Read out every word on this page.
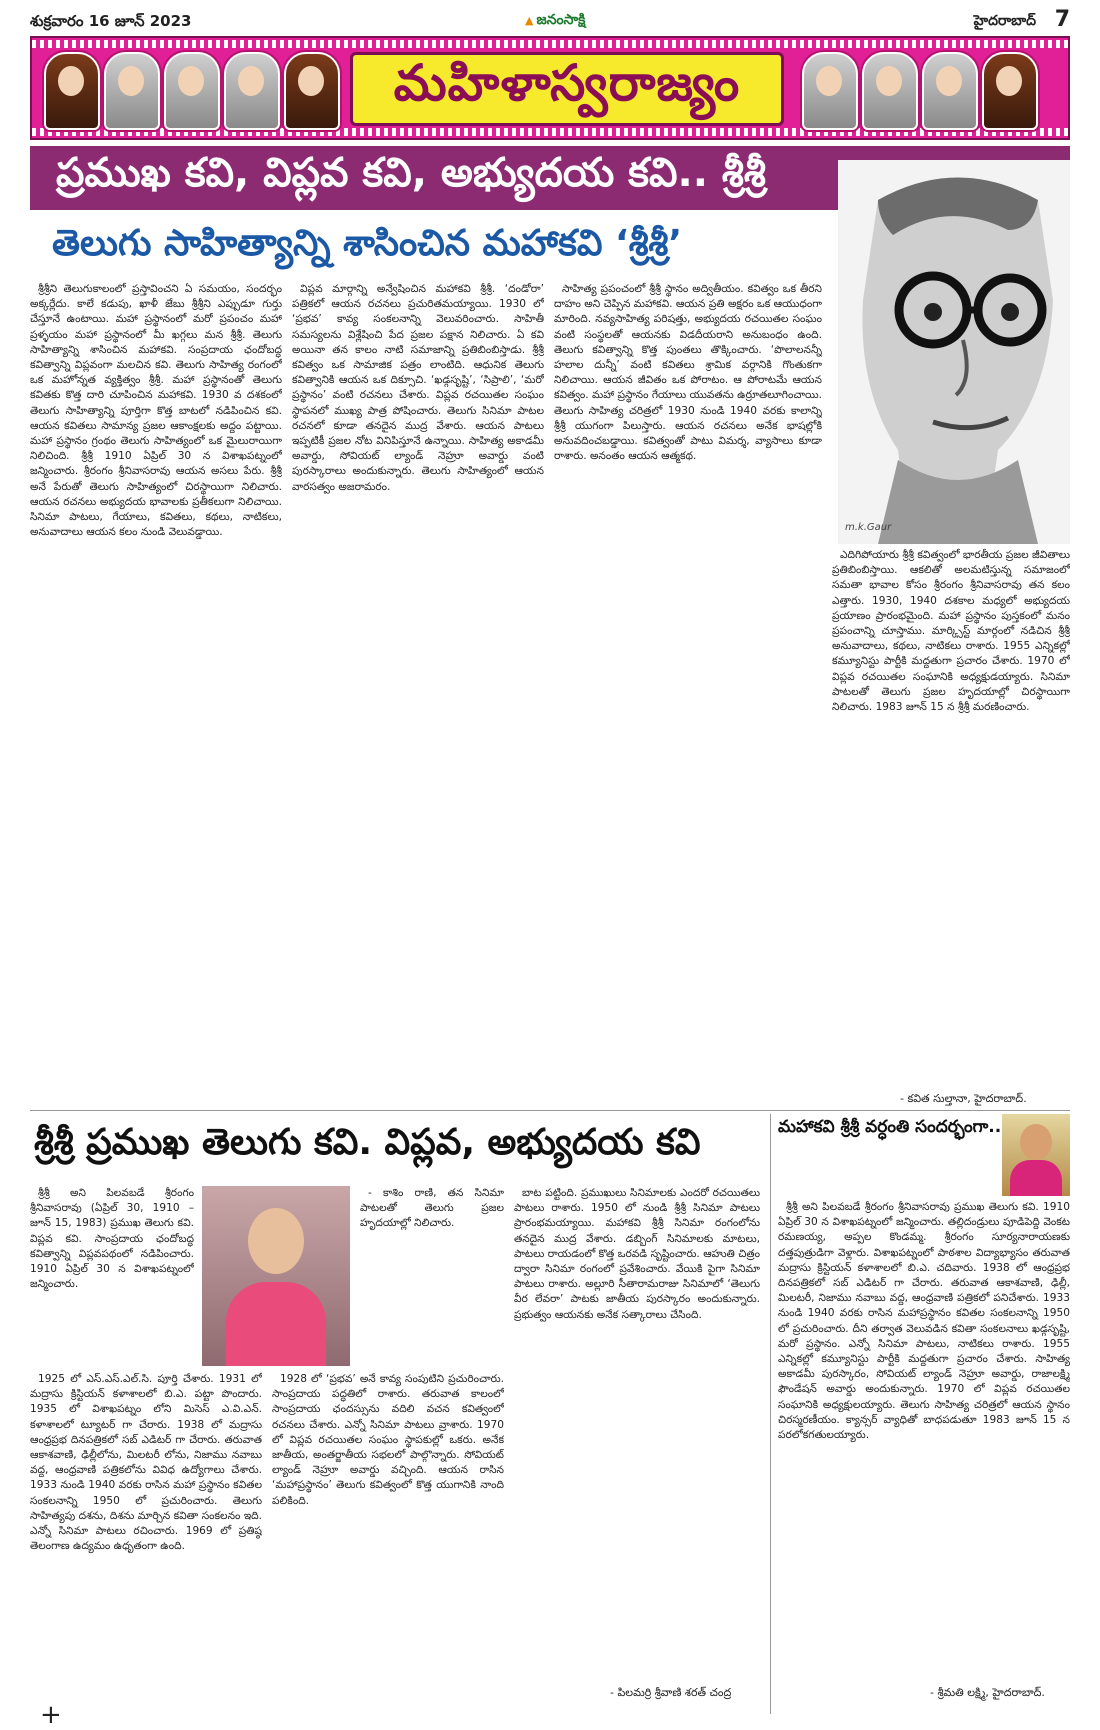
శుక్రవారం 16 జూన్ 2023
▲	జనంసాక్షి	హైదరాబాద్ 7
మహిళాస్వరాజ్యం
ప్రముఖ కవి, విప్లవ కవి, అభ్యుదయ కవి.. శ్రీశ్రీ
తెలుగు సాహిత్యాన్ని శాసించిన మహాకవి ‘శ్రీశ్రీ’
m.k.Gaur

శ్రీశ్రీని తెలుగుకాలంలో ప్రస్తావించని ఏ సమయం, సందర్భం అక్కర్లేదు. కాలే కడుపు, ఖాళీ జేబు శ్రీశ్రీని ఎప్పుడూ గుర్తు చేస్తూనే ఉంటాయి. మహా ప్రస్థానంలో మరో ప్రపంచం మహా ప్రళ్ళయం మహా ప్రస్థానంలో మీ ఖగ్గలు మన శ్రీశ్రీ. తెలుగు సాహిత్యాన్ని శాసించిన మహాకవి. సంప్రదాయ ఛందోబద్ధ కవిత్వాన్ని విప్లవంగా మలచిన కవి. తెలుగు సాహిత్య రంగంలో ఒక మహోన్నత వ్యక్తిత్వం శ్రీశ్రీ. మహా ప్రస్థానంతో తెలుగు కవితకు కొత్త దారి చూపించిన మహాకవి. 1930 వ దశకంలో తెలుగు సాహిత్యాన్ని పూర్తిగా కొత్త బాటలో నడిపించిన కవి. ఆయన కవితలు సామాన్య ప్రజల ఆకాంక్షలకు అద్దం పట్టాయి. మహా ప్రస్థానం గ్రంథం తెలుగు సాహిత్యంలో ఒక మైలురాయిగా నిలిచింది. శ్రీశ్రీ 1910 ఏప్రిల్ 30 న విశాఖపట్నంలో జన్మించారు. శ్రీరంగం శ్రీనివాసరావు ఆయన అసలు పేరు. శ్రీశ్రీ అనే పేరుతో తెలుగు సాహిత్యంలో చిరస్థాయిగా నిలిచారు. ఆయన రచనలు అభ్యుదయ భావాలకు ప్రతీకలుగా నిలిచాయి. సినిమా పాటలు, గేయాలు, కవితలు, కథలు, నాటికలు, అనువాదాలు ఆయన కలం నుండి వెలువడ్డాయి.

విప్లవ మార్గాన్ని అన్వేషించిన మహాకవి శ్రీశ్రీ. ‘దండోరా’ పత్రికలో ఆయన రచనలు ప్రచురితమయ్యాయి. 1930 లో ‘ప్రభవ’ కావ్య సంకలనాన్ని వెలువరించారు. సాహితీ సమస్యలను విశ్లేషించి పేద ప్రజల పక్షాన నిలిచారు. ఏ కవి అయినా తన కాలం నాటి సమాజాన్ని ప్రతిబింబిస్తాడు. శ్రీశ్రీ కవిత్వం ఒక సామాజిక పత్రం లాంటిది. ఆధునిక తెలుగు కవిత్వానికి ఆయన ఒక దిక్సూచి. ‘ఖడ్గసృష్టి’, ‘సిప్రాలి’, ‘మరో ప్రస్థానం’ వంటి రచనలు చేశారు. విప్లవ రచయితల సంఘం స్థాపనలో ముఖ్య పాత్ర పోషించారు. తెలుగు సినిమా పాటల రచనలో కూడా తనదైన ముద్ర వేశారు. ఆయన పాటలు ఇప్పటికీ ప్రజల నోట వినిపిస్తూనే ఉన్నాయి. సాహిత్య అకాడమీ అవార్డు, సోవియట్ ల్యాండ్ నెహ్రూ అవార్డు వంటి పురస్కారాలు అందుకున్నారు. తెలుగు సాహిత్యంలో ఆయన వారసత్వం అజరామరం.

సాహిత్య ప్రపంచంలో శ్రీశ్రీ స్థానం అద్వితీయం. కవిత్వం ఒక తీరని దాహం అని చెప్పిన మహాకవి. ఆయన ప్రతి అక్షరం ఒక ఆయుధంగా మారింది. నవ్యసాహిత్య పరిషత్తు, అభ్యుదయ రచయితల సంఘం వంటి సంస్థలతో ఆయనకు విడదీయరాని అనుబంధం ఉంది. తెలుగు కవిత్వాన్ని కొత్త పుంతలు తొక్కించారు. ‘పొలాలనన్నీ హలాల దున్నీ’ వంటి కవితలు శ్రామిక వర్గానికి గొంతుకగా నిలిచాయి. ఆయన జీవితం ఒక పోరాటం. ఆ పోరాటమే ఆయన కవిత్వం. మహా ప్రస్థానం గేయాలు యువతను ఉర్రూతలూగించాయి. తెలుగు సాహిత్య చరిత్రలో 1930 నుండి 1940 వరకు కాలాన్ని శ్రీశ్రీ యుగంగా పిలుస్తారు. ఆయన రచనలు అనేక భాషల్లోకి అనువదించబడ్డాయి. కవిత్వంతో పాటు విమర్శ, వ్యాసాలు కూడా రాశారు. అనంతం ఆయన ఆత్మకథ.

ఎదిగిపోయారు శ్రీశ్రీ కవిత్వంలో భారతీయ ప్రజల జీవితాలు ప్రతిబింబిస్తాయి. ఆకలితో అలమటిస్తున్న సమాజంలో సమతా భావాల కోసం శ్రీరంగం శ్రీనివాసరావు తన కలం ఎత్తారు. 1930, 1940 దశకాల మధ్యలో అభ్యుదయ ప్రయాణం ప్రారంభమైంది. మహా ప్రస్థానం పుస్తకంలో మనం ప్రపంచాన్ని చూస్తాము. మార్క్సిస్ట్ మార్గంలో నడిచిన శ్రీశ్రీ అనువాదాలు, కథలు, నాటికలు రాశారు. 1955 ఎన్నికల్లో కమ్యూనిస్టు పార్టీకి మద్దతుగా ప్రచారం చేశారు. 1970 లో విప్లవ రచయితల సంఘానికి అధ్యక్షుడయ్యారు. సినిమా పాటలతో తెలుగు ప్రజల హృదయాల్లో చిరస్థాయిగా నిలిచారు. 1983 జూన్ 15 న శ్రీశ్రీ మరణించారు.

- కవిత సుల్తానా, హైదరాబాద్.
శ్రీశ్రీ ప్రముఖ తెలుగు కవి. విప్లవ, అభ్యుదయ కవి

శ్రీశ్రీ అని పిలవబడే శ్రీరంగం శ్రీనివాసరావు (ఏప్రిల్ 30, 1910 – జూన్ 15, 1983) ప్రముఖ తెలుగు కవి. విప్లవ కవి. సాంప్రదాయ ఛందోబద్ధ కవిత్వాన్ని విప్లవపథంలో నడిపించారు. 1910 ఏప్రిల్ 30 న విశాఖపట్నంలో జన్మించారు.

1925 లో ఎస్.ఎస్.ఎల్.సి. పూర్తి చేశారు. 1931 లో మద్రాసు క్రిస్టియన్ కళాశాలలో బి.ఎ. పట్టా పొందారు. 1935 లో విశాఖపట్నం లోని మిసెస్ ఎ.వి.ఎన్. కళాశాలలో ట్యూటర్ గా చేరారు. 1938 లో మద్రాసు ఆంధ్రప్రభ దినపత్రికలో సబ్ ఎడిటర్ గా చేరారు. తరువాత ఆకాశవాణి, ఢిల్లీలోను, మిలటరీ లోను, నిజాము నవాబు వద్ద, ఆంధ్రవాణి పత్రికలోను వివిధ ఉద్యోగాలు చేశారు. 1933 నుండి 1940 వరకు రాసిన మహా ప్రస్థానం కవితల సంకలనాన్ని 1950 లో ప్రచురించారు. తెలుగు సాహిత్యపు దశను, దిశను మార్చిన కవితా సంకలనం ఇది. ఎన్నో సినిమా పాటలు రచించారు. 1969 లో ప్రతిష్ఠ తెలంగాణ ఉద్యమం ఉధృతంగా ఉంది.

1928 లో ‘ప్రభవ’ అనే కావ్య సంపుటిని ప్రచురించారు. సాంప్రదాయ పద్ధతిలో రాశారు. తరువాత కాలంలో సాంప్రదాయ ఛందస్సును వదిలి వచన కవిత్వంలో రచనలు చేశారు. ఎన్నో సినిమా పాటలు వ్రాశారు. 1970 లో విప్లవ రచయితల సంఘం స్థాపకుల్లో ఒకరు. అనేక జాతీయ, అంతర్జాతీయ సభలలో పాల్గొన్నారు. సోవియట్ ల్యాండ్ నెహ్రూ అవార్డు వచ్చింది. ఆయన రాసిన ‘మహాప్రస్థానం’ తెలుగు కవిత్వంలో కొత్త యుగానికి నాంది పలికింది.

- కాశిం రాణి, తన సినిమా పాటలతో తెలుగు ప్రజల హృదయాల్లో నిలిచారు.

బాట పట్టింది. ప్రముఖులు సినిమాలకు ఎందరో రచయితలు పాటలు రాశారు. 1950 లో నుండి శ్రీశ్రీ సినిమా పాటలు ప్రారంభమయ్యాయి. మహాకవి శ్రీశ్రీ సినిమా రంగంలోను తనదైన ముద్ర వేశారు. డబ్బింగ్ సినిమాలకు మాటలు, పాటలు రాయడంలో కొత్త ఒరవడి సృష్టించారు. ఆహుతి చిత్రం ద్వారా సినిమా రంగంలో ప్రవేశించారు. వేయికి పైగా సినిమా పాటలు రాశారు. అల్లూరి సీతారామరాజు సినిమాలో ‘తెలుగు వీర లేవరా’ పాటకు జాతీయ పురస్కారం అందుకున్నారు. ప్రభుత్వం ఆయనకు అనేక సత్కారాలు చేసింది.

- పిలమర్రి శ్రీవాణి శరత్ చంద్ర
మహాకవి శ్రీశ్రీ వర్ధంతి సందర్భంగా..

శ్రీశ్రీ అని పిలవబడే శ్రీరంగం శ్రీనివాసరావు ప్రముఖ తెలుగు కవి. 1910 ఏప్రిల్ 30 న విశాఖపట్నంలో జన్మించారు. తల్లిదండ్రులు పూడిపెద్ది వెంకట రమణయ్య, అప్పల కొండమ్మ. శ్రీరంగం సూర్యనారాయణకు దత్తపుత్రుడిగా వెళ్లారు. విశాఖపట్నంలో పాఠశాల విద్యాభ్యాసం తరువాత మద్రాసు క్రిస్టియన్ కళాశాలలో బి.ఎ. చదివారు. 1938 లో ఆంధ్రప్రభ దినపత్రికలో సబ్ ఎడిటర్ గా చేరారు. తరువాత ఆకాశవాణి, ఢిల్లీ, మిలటరీ, నిజాము నవాబు వద్ద, ఆంధ్రవాణి పత్రికలో పనిచేశారు. 1933 నుండి 1940 వరకు రాసిన మహాప్రస్థానం కవితల సంకలనాన్ని 1950 లో ప్రచురించారు. దీని తర్వాత వెలువడిన కవితా సంకలనాలు ఖడ్గసృష్టి, మరో ప్రస్థానం. ఎన్నో సినిమా పాటలు, నాటికలు రాశారు. 1955 ఎన్నికల్లో కమ్యూనిస్టు పార్టీకి మద్దతుగా ప్రచారం చేశారు. సాహిత్య అకాడమీ పురస్కారం, సోవియట్ ల్యాండ్ నెహ్రూ అవార్డు, రాజాలక్ష్మి ఫౌండేషన్ అవార్డు అందుకున్నారు. 1970 లో విప్లవ రచయితల సంఘానికి అధ్యక్షులయ్యారు. తెలుగు సాహిత్య చరిత్రలో ఆయన స్థానం చిరస్మరణీయం. క్యాన్సర్ వ్యాధితో బాధపడుతూ 1983 జూన్ 15 న పరలోకగతులయ్యారు.

- శ్రీమతి లక్ష్మి, హైదరాబాద్.
+
